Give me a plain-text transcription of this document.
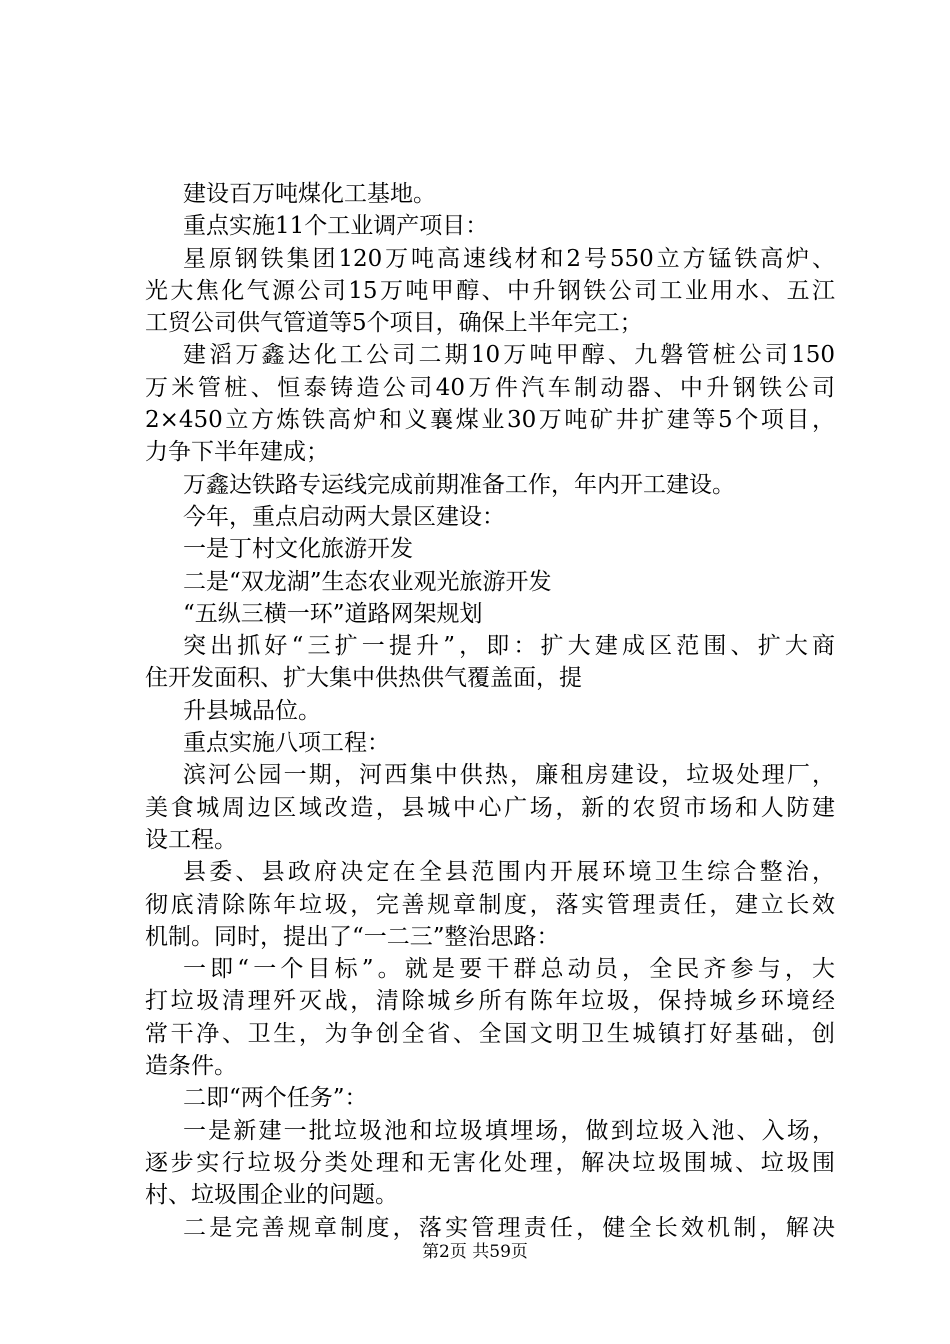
建设百万吨煤化工基地。
重点实施11个工业调产项目：
星原钢铁集团120万吨高速线材和2号550立方锰铁高炉、
光大焦化气源公司15万吨甲醇、中升钢铁公司工业用水、五江
工贸公司供气管道等5个项目，确保上半年完工；
建滔万鑫达化工公司二期10万吨甲醇、九磐管桩公司150
万米管桩、恒泰铸造公司40万件汽车制动器、中升钢铁公司
2×450立方炼铁高炉和义襄煤业30万吨矿井扩建等5个项目，
力争下半年建成；
万鑫达铁路专运线完成前期准备工作，年内开工建设。
今年，重点启动两大景区建设：
一是丁村文化旅游开发
二是“双龙湖”生态农业观光旅游开发
“五纵三横一环”道路网架规划
突出抓好“三扩一提升”，即：扩大建成区范围、扩大商
住开发面积、扩大集中供热供气覆盖面，提
升县城品位。
重点实施八项工程：
滨河公园一期，河西集中供热，廉租房建设，垃圾处理厂，
美食城周边区域改造，县城中心广场，新的农贸市场和人防建
设工程。
县委、县政府决定在全县范围内开展环境卫生综合整治，
彻底清除陈年垃圾，完善规章制度，落实管理责任，建立长效
机制。同时，提出了“一二三”整治思路：
一即“一个目标”。就是要干群总动员，全民齐参与，大
打垃圾清理歼灭战，清除城乡所有陈年垃圾，保持城乡环境经
常干净、卫生，为争创全省、全国文明卫生城镇打好基础，创
造条件。
二即“两个任务”：
一是新建一批垃圾池和垃圾填埋场，做到垃圾入池、入场，
逐步实行垃圾分类处理和无害化处理，解决垃圾围城、垃圾围
村、垃圾围企业的问题。
二是完善规章制度，落实管理责任，健全长效机制，解决
第2页 共59页
